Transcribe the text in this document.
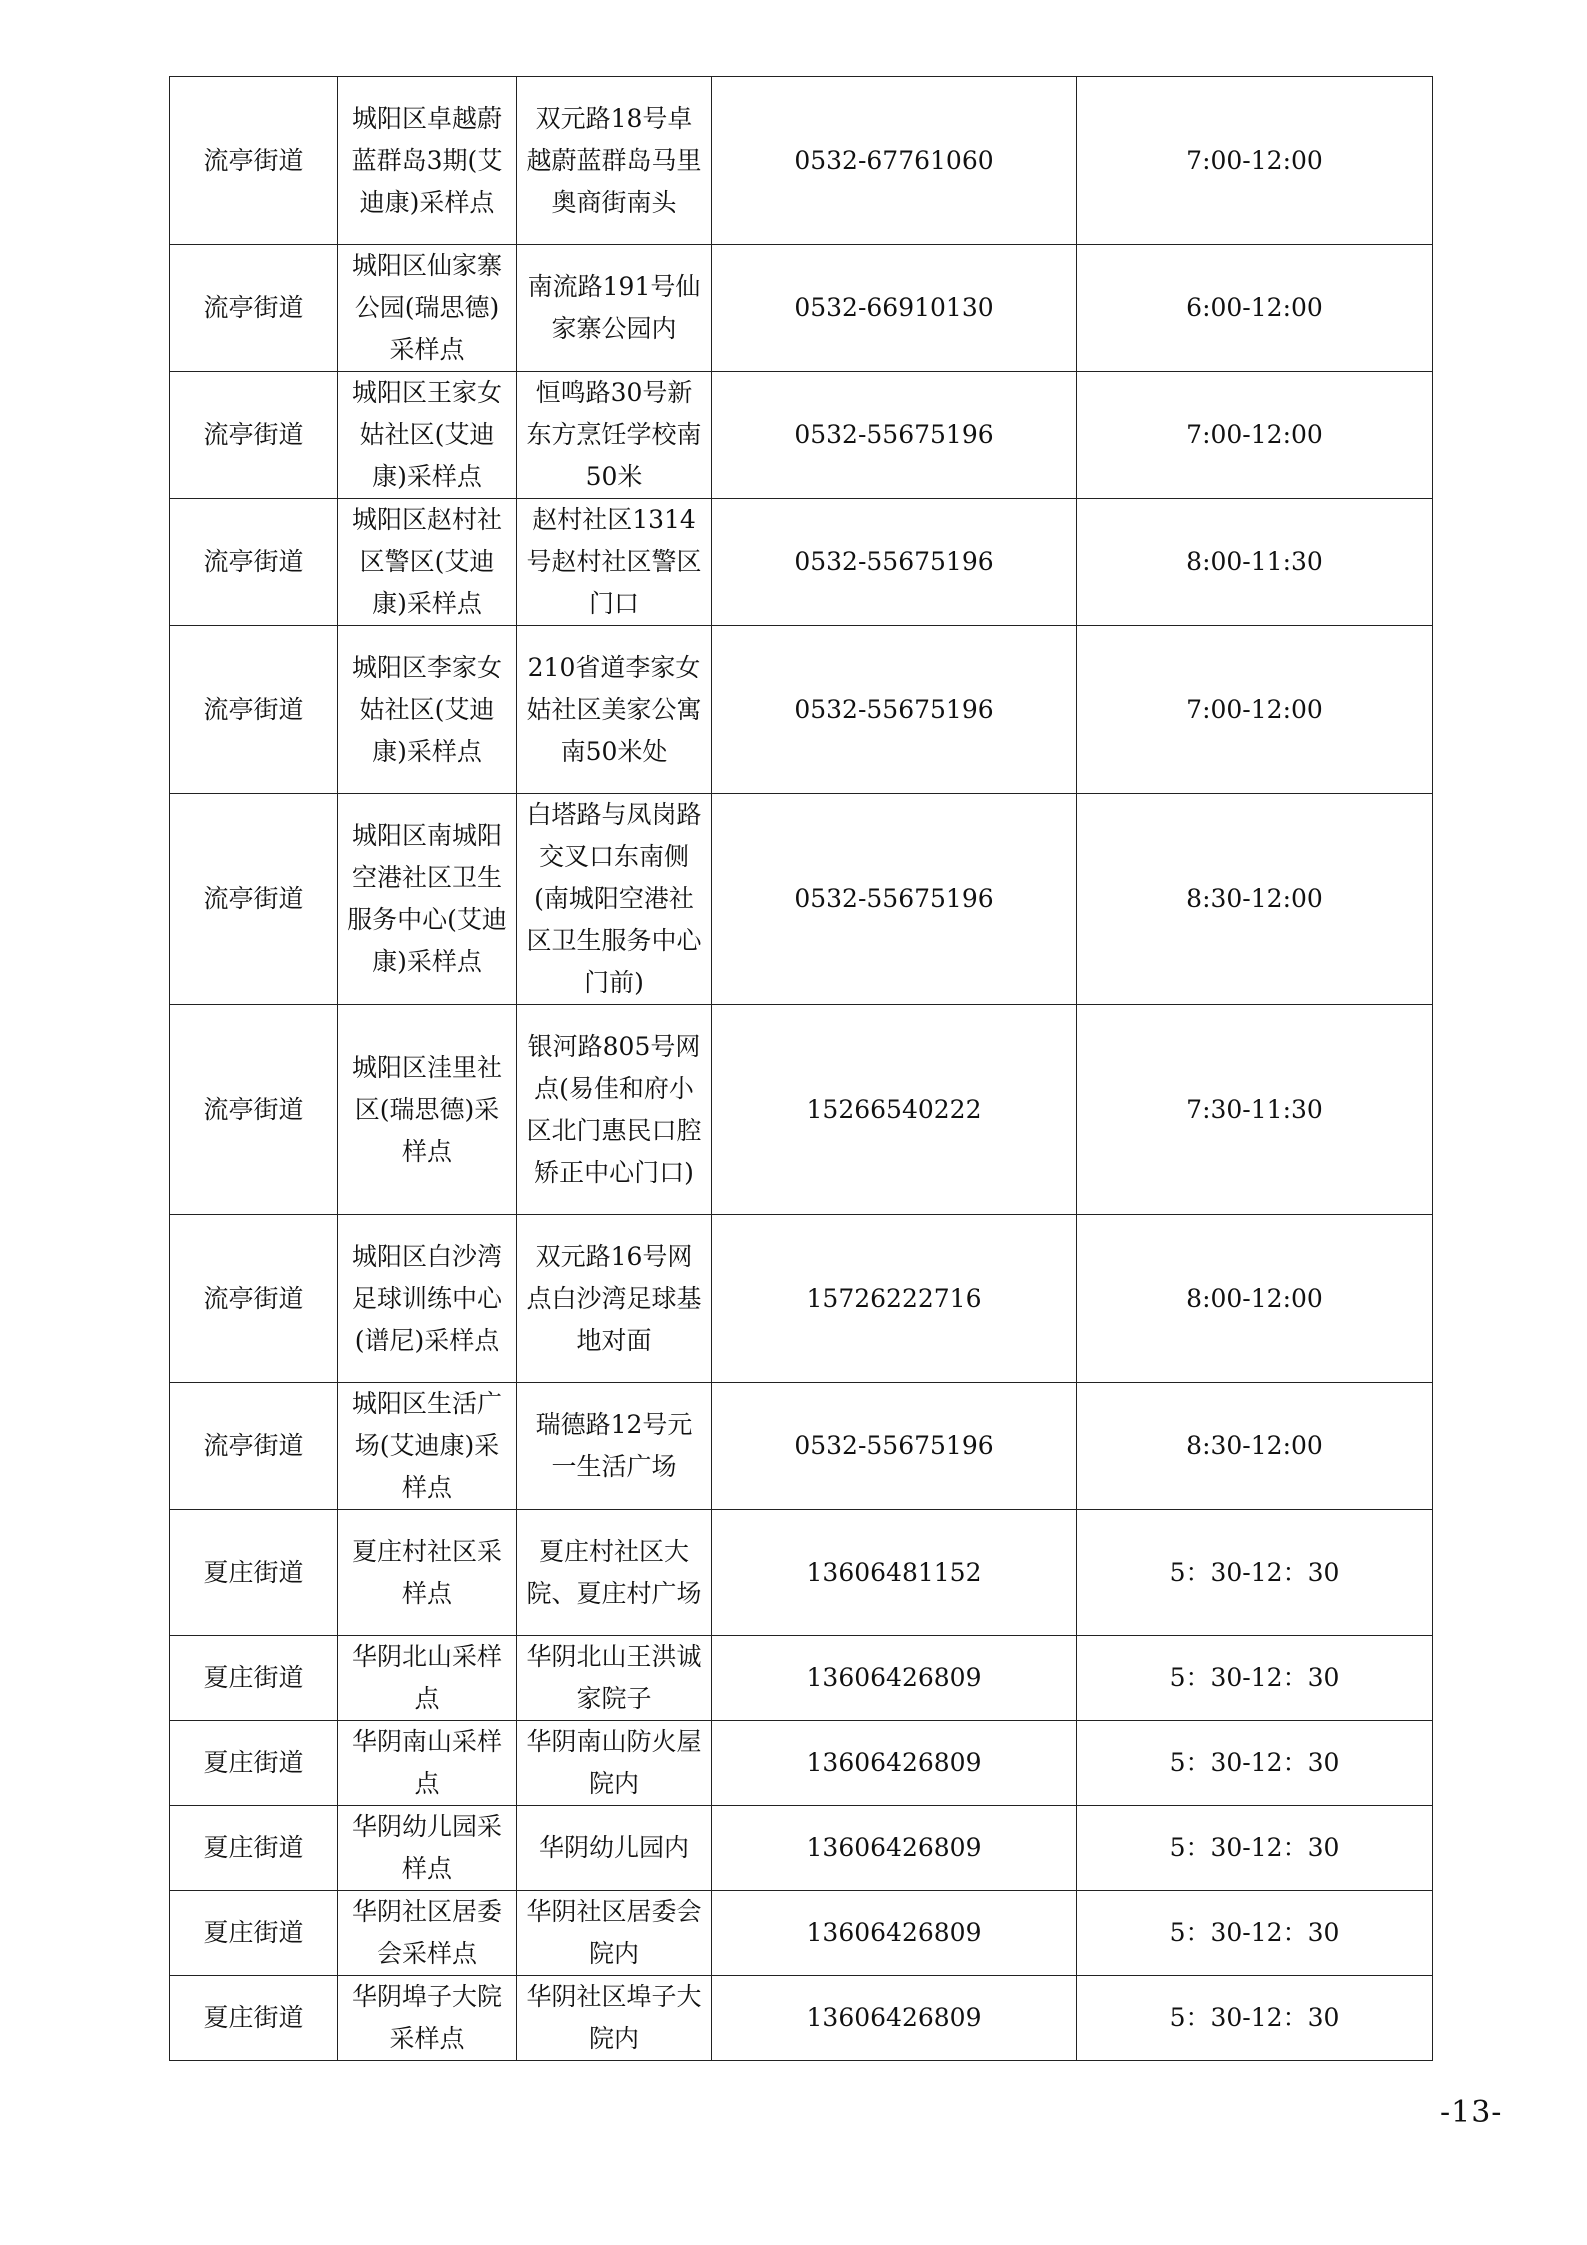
流亭街道	城阳区卓越蔚蓝群岛3期(艾迪康)采样点	双元路18号卓越蔚蓝群岛马里奥商街南头	0532-67761060	7:00-12:00
流亭街道	城阳区仙家寨公园(瑞思德)采样点	南流路191号仙家寨公园内	0532-66910130	6:00-12:00
流亭街道	城阳区王家女姑社区(艾迪康)采样点	恒鸣路30号新东方烹饪学校南50米	0532-55675196	7:00-12:00
流亭街道	城阳区赵村社区警区(艾迪康)采样点	赵村社区1314号赵村社区警区门口	0532-55675196	8:00-11:30
流亭街道	城阳区李家女姑社区(艾迪康)采样点	210省道李家女姑社区美家公寓南50米处	0532-55675196	7:00-12:00
流亭街道	城阳区南城阳空港社区卫生服务中心(艾迪康)采样点	白塔路与凤岗路交叉口东南侧(南城阳空港社区卫生服务中心门前)	0532-55675196	8:30-12:00
流亭街道	城阳区洼里社区(瑞思德)采样点	银河路805号网点(易佳和府小区北门惠民口腔矫正中心门口)	15266540222	7:30-11:30
流亭街道	城阳区白沙湾足球训练中心(谱尼)采样点	双元路16号网点白沙湾足球基地对面	15726222716	8:00-12:00
流亭街道	城阳区生活广场(艾迪康)采样点	瑞德路12号元一生活广场	0532-55675196	8:30-12:00
夏庄街道	夏庄村社区采样点	夏庄村社区大院、夏庄村广场	13606481152	5：30-12：30
夏庄街道	华阴北山采样点	华阴北山王洪诚家院子	13606426809	5：30-12：30
夏庄街道	华阴南山采样点	华阴南山防火屋院内	13606426809	5：30-12：30
夏庄街道	华阴幼儿园采样点	华阴幼儿园内	13606426809	5：30-12：30
夏庄街道	华阴社区居委会采样点	华阴社区居委会院内	13606426809	5：30-12：30
夏庄街道	华阴埠子大院采样点	华阴社区埠子大院内	13606426809	5：30-12：30
-13-
